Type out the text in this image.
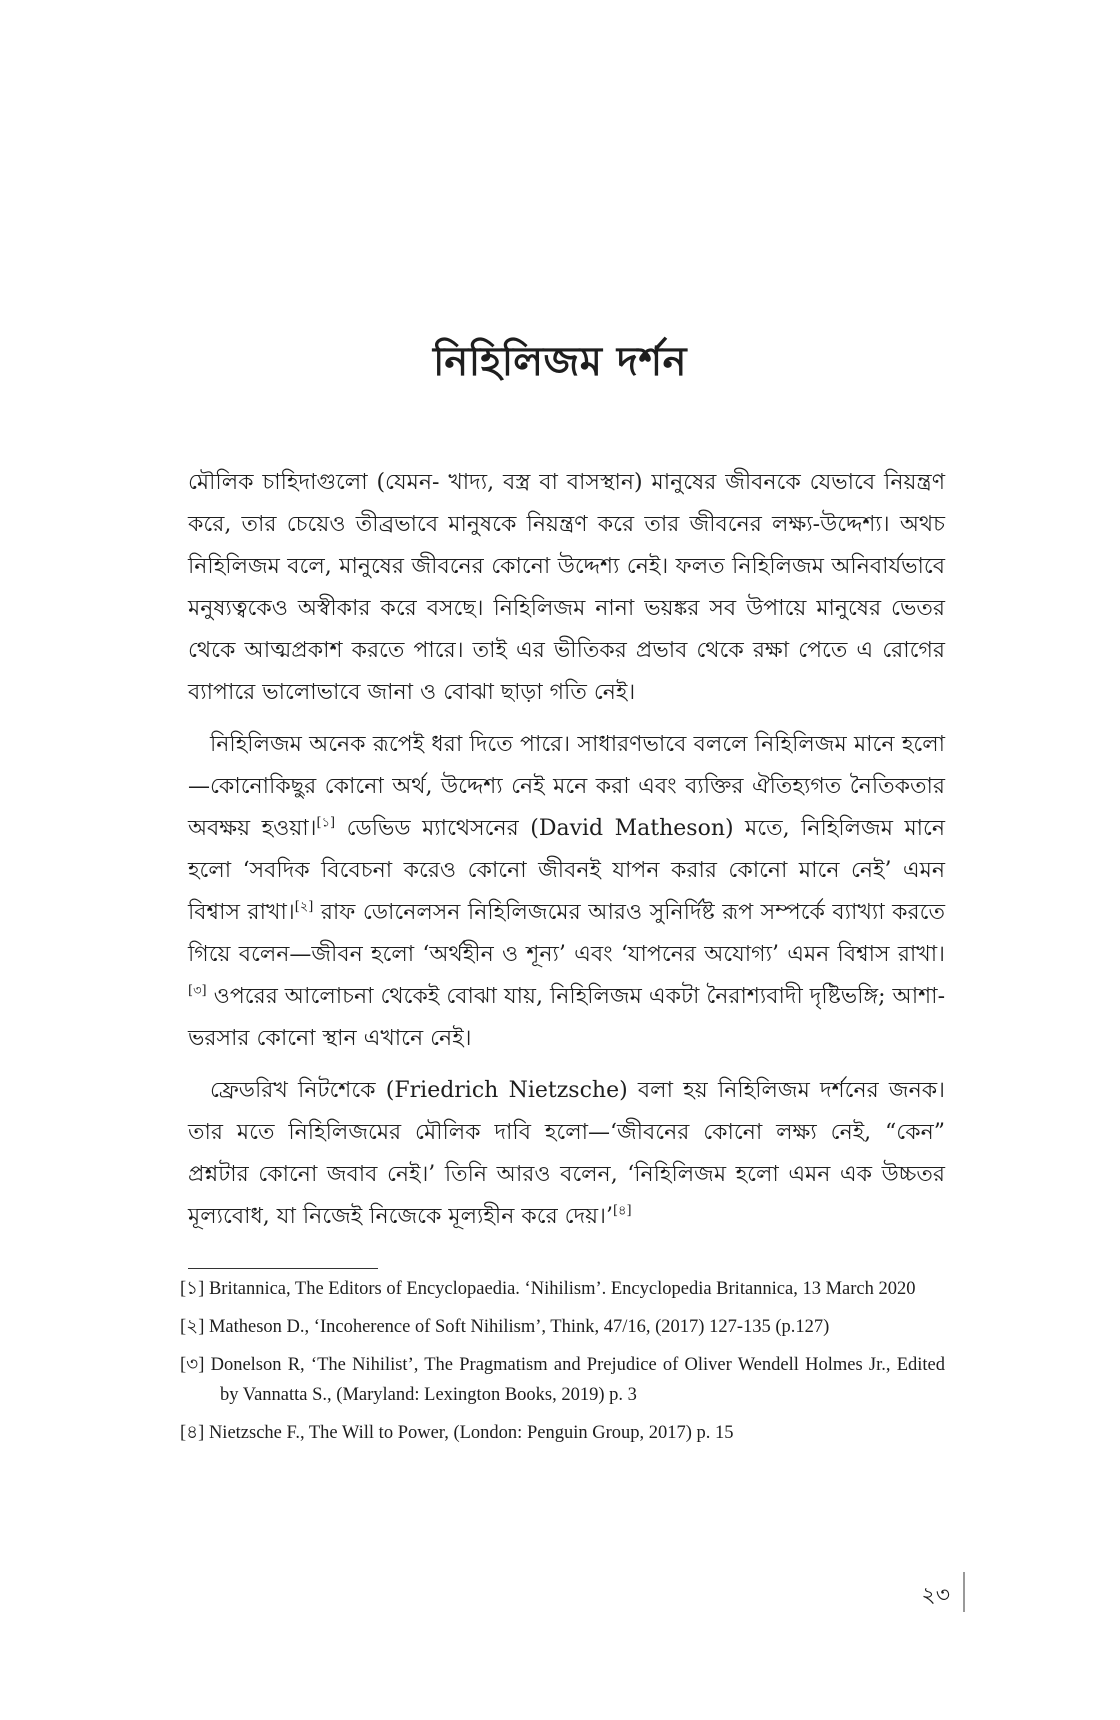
নিহিলিজম দর্শন

মৌলিক চাহিদাগুলো (যেমন- খাদ্য, বস্ত্র বা বাসস্থান) মানুষের জীবনকে যেভাবে নিয়ন্ত্রণ করে, তার চেয়েও তীব্রভাবে মানুষকে নিয়ন্ত্রণ করে তার জীবনের লক্ষ্য-উদ্দেশ্য। অথচ নিহিলিজম বলে, মানুষের জীবনের কোনো উদ্দেশ্য নেই। ফলত নিহিলিজম অনিবার্যভাবে মনুষ্যত্বকেও অস্বীকার করে বসছে। নিহিলিজম নানা ভয়ঙ্কর সব উপায়ে মানুষের ভেতর থেকে আত্মপ্রকাশ করতে পারে। তাই এর ভীতিকর প্রভাব থেকে রক্ষা পেতে এ রোগের ব্যাপারে ভালোভাবে জানা ও বোঝা ছাড়া গতি নেই।

নিহিলিজম অনেক রূপেই ধরা দিতে পারে। সাধারণভাবে বললে নিহিলিজম মানে হলো—কোনোকিছুর কোনো অর্থ, উদ্দেশ্য নেই মনে করা এবং ব্যক্তির ঐতিহ্যগত নৈতিকতার অবক্ষয় হওয়া।[১] ডেভিড ম্যাথেসনের (David Matheson) মতে, নিহিলিজম মানে হলো ‘সবদিক বিবেচনা করেও কোনো জীবনই যাপন করার কোনো মানে নেই’ এমন বিশ্বাস রাখা।[২] রাফ ডোনেলসন নিহিলিজমের আরও সুনির্দিষ্ট রূপ সম্পর্কে ব্যাখ্যা করতে গিয়ে বলেন—জীবন হলো ‘অর্থহীন ও শূন্য’ এবং ‘যাপনের অযোগ্য’ এমন বিশ্বাস রাখা।[৩] ওপরের আলোচনা থেকেই বোঝা যায়, নিহিলিজম একটা নৈরাশ্যবাদী দৃষ্টিভঙ্গি; আশা-ভরসার কোনো স্থান এখানে নেই।

ফ্রেডরিখ নিটশেকে (Friedrich Nietzsche) বলা হয় নিহিলিজম দর্শনের জনক। তার মতে নিহিলিজমের মৌলিক দাবি হলো—‘জীবনের কোনো লক্ষ্য নেই, “কেন” প্রশ্নটার কোনো জবাব নেই।’ তিনি আরও বলেন, ‘নিহিলিজম হলো এমন এক উচ্চতর মূল্যবোধ, যা নিজেই নিজেকে মূল্যহীন করে দেয়।’[৪]

[১] Britannica, The Editors of Encyclopaedia. ‘Nihilism’. Encyclopedia Britannica, 13 March 2020

[২] Matheson D., ‘Incoherence of Soft Nihilism’, Think, 47/16, (2017) 127-135 (p.127)

[৩] Donelson R, ‘The Nihilist’, The Pragmatism and Prejudice of Oliver Wendell Holmes Jr., Edited by Vannatta S., (Maryland: Lexington Books, 2019) p. 3

[৪] Nietzsche F., The Will to Power, (London: Penguin Group, 2017) p. 15

২৩
